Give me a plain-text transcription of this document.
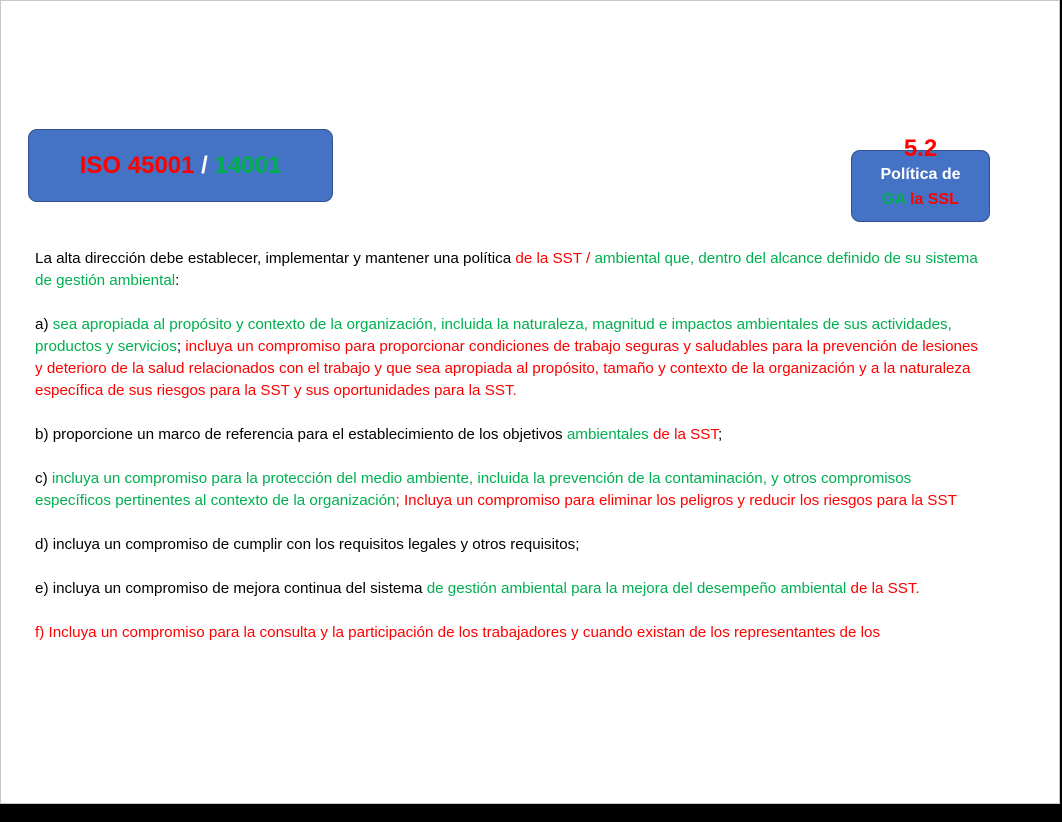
ISO 45001 / 14001
5.2
Política de
GA la SSL

La alta dirección debe establecer, implementar y mantener una política de la SST / ambiental que, dentro del alcance definido de su sistema de gestión ambiental:

a) sea apropiada al propósito y contexto de la organización, incluida la naturaleza, magnitud e impactos ambientales de sus actividades, productos y servicios; incluya un compromiso para proporcionar condiciones de trabajo seguras y saludables para la prevención de lesiones y deterioro de la salud relacionados con el trabajo y que sea apropiada al propósito, tamaño y contexto de la organización y a la naturaleza específica de sus riesgos para la SST y sus oportunidades para la SST.

b) proporcione un marco de referencia para el establecimiento de los objetivos ambientales de la SST;

c) incluya un compromiso para la protección del medio ambiente, incluida la prevención de la contaminación, y otros compromisos específicos pertinentes al contexto de la organización; Incluya un compromiso para eliminar los peligros y reducir los riesgos para la SST

d) incluya un compromiso de cumplir con los requisitos legales y otros requisitos;

e) incluya un compromiso de mejora continua del sistema de gestión ambiental para la mejora del desempeño ambiental de la SST.

f) Incluya un compromiso para la consulta y la participación de los trabajadores y cuando existan de los representantes de los
